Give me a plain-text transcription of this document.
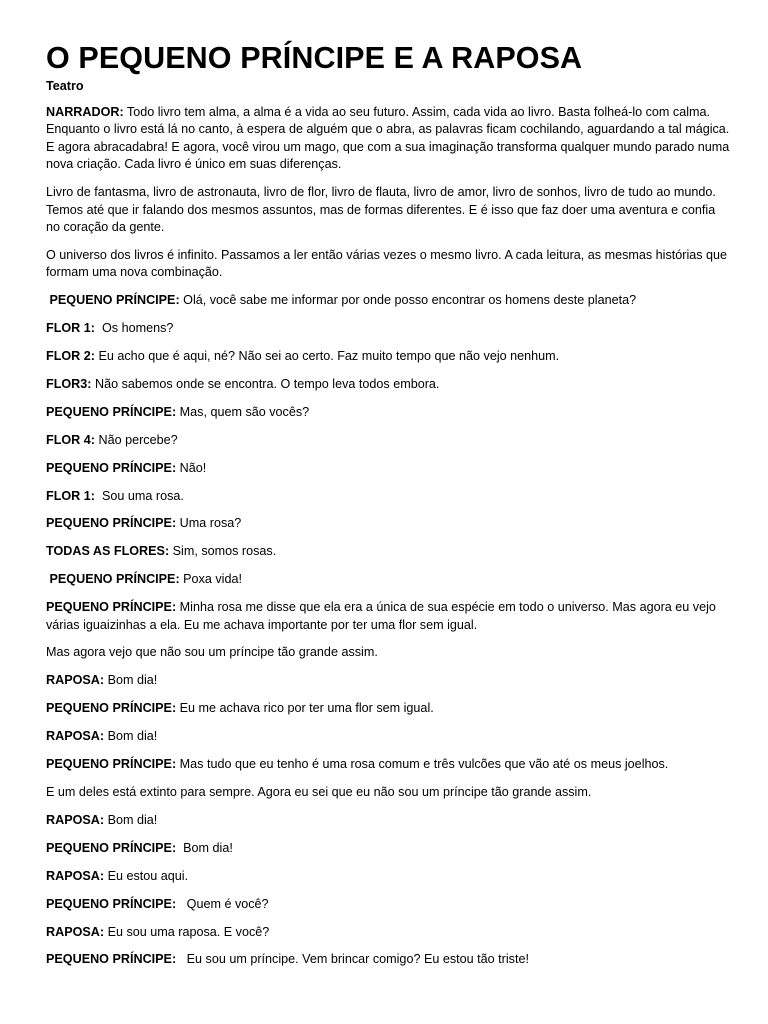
O PEQUENO PRÍNCIPE E A RAPOSA
Teatro

NARRADOR: Todo livro tem alma, a alma é a vida ao seu futuro. Assim, cada vida ao livro. Basta folheá-lo com calma. Enquanto o livro está lá no canto, à espera de alguém que o abra, as palavras ficam cochilando, aguardando a tal mágica. E agora abracadabra! E agora, você virou um mago, que com a sua imaginação transforma qualquer mundo parado numa nova criação. Cada livro é único em suas diferenças.

Livro de fantasma, livro de astronauta, livro de flor, livro de flauta, livro de amor, livro de sonhos, livro de tudo ao mundo. Temos até que ir falando dos mesmos assuntos, mas de formas diferentes. E é isso que faz doer uma aventura e confia no coração da gente.

O universo dos livros é infinito. Passamos a ler então várias vezes o mesmo livro. A cada leitura, as mesmas histórias que formam uma nova combinação.

PEQUENO PRÍNCIPE: Olá, você sabe me informar por onde posso encontrar os homens deste planeta?

FLOR 1:  Os homens?

FLOR 2: Eu acho que é aqui, né? Não sei ao certo. Faz muito tempo que não vejo nenhum.

FLOR3: Não sabemos onde se encontra. O tempo leva todos embora.

PEQUENO PRÍNCIPE: Mas, quem são vocês?

FLOR 4: Não percebe?

PEQUENO PRÍNCIPE: Não!

FLOR 1:  Sou uma rosa.

PEQUENO PRÍNCIPE: Uma rosa?

TODAS AS FLORES: Sim, somos rosas.

PEQUENO PRÍNCIPE: Poxa vida!

PEQUENO PRÍNCIPE: Minha rosa me disse que ela era a única de sua espécie em todo o universo. Mas agora eu vejo várias iguaizinhas a ela. Eu me achava importante por ter uma flor sem igual.

Mas agora vejo que não sou um príncipe tão grande assim.

RAPOSA: Bom dia!

PEQUENO PRÍNCIPE: Eu me achava rico por ter uma flor sem igual.

RAPOSA: Bom dia!

PEQUENO PRÍNCIPE: Mas tudo que eu tenho é uma rosa comum e três vulcões que vão até os meus joelhos.

E um deles está extinto para sempre. Agora eu sei que eu não sou um príncipe tão grande assim.

RAPOSA: Bom dia!

PEQUENO PRÍNCIPE:  Bom dia!

RAPOSA: Eu estou aqui.

PEQUENO PRÍNCIPE:   Quem é você?

RAPOSA: Eu sou uma raposa. E você?

PEQUENO PRÍNCIPE:   Eu sou um príncipe. Vem brincar comigo? Eu estou tão triste!
